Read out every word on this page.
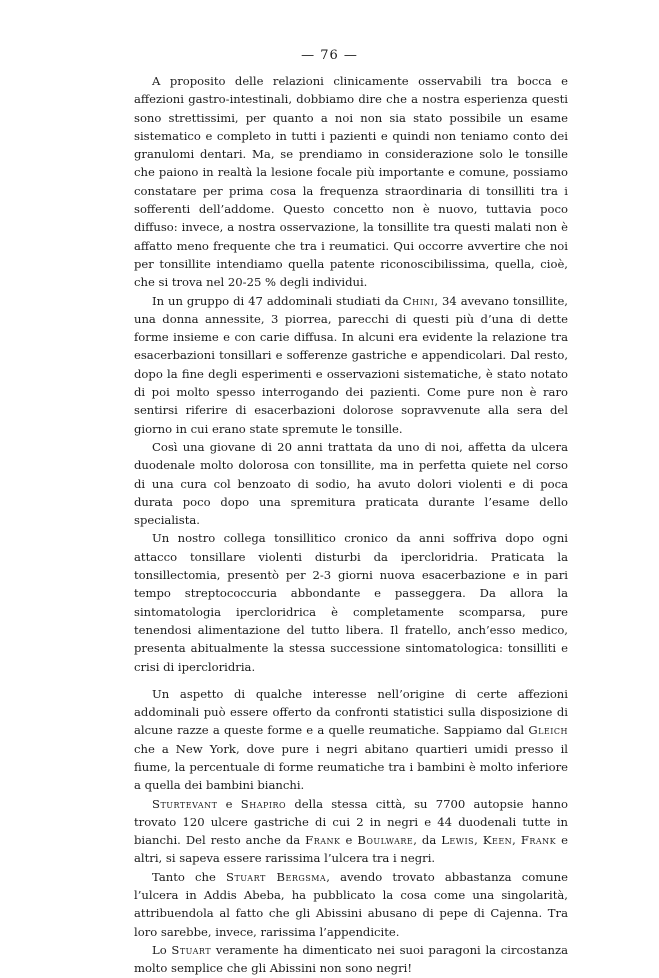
— 76 —

A proposito delle relazioni clinicamente osservabili tra bocca e affezioni gastro-intestinali, dobbiamo dire che a nostra esperienza questi sono strettissimi, per quanto a noi non sia stato possibile un esame sistematico e completo in tutti i pazienti e quindi non teniamo conto dei granulomi dentari. Ma, se prendiamo in considerazione solo le tonsille che paiono in realtà la lesione focale più importante e comune, possiamo constatare per prima cosa la frequenza straordinaria di tonsilliti tra i sofferenti dell’addome. Questo concetto non è nuovo, tuttavia poco diffuso: invece, a nostra osservazione, la tonsillite tra questi malati non è affatto meno frequente che tra i reumatici. Qui occorre avvertire che noi per tonsillite intendiamo quella patente riconoscibilissima, quella, cioè, che si trova nel 20-25 % degli individui.

In un gruppo di 47 addominali studiati da Chini, 34 avevano tonsillite, una donna annessite, 3 piorrea, parecchi di questi più d’una di dette forme insieme e con carie diffusa. In alcuni era evidente la relazione tra esacerbazioni tonsillari e sofferenze gastriche e appendicolari. Dal resto, dopo la fine degli esperimenti e osservazioni sistematiche, è stato notato di poi molto spesso interrogando dei pazienti. Come pure non è raro sentirsi riferire di esacerbazioni dolorose sopravvenute alla sera del giorno in cui erano state spremute le tonsille.

Così una giovane di 20 anni trattata da uno di noi, affetta da ulcera duodenale molto dolorosa con tonsillite, ma in perfetta quiete nel corso di una cura col benzoato di sodio, ha avuto dolori violenti e di poca durata poco dopo una spremitura praticata durante l’esame dello specialista.

Un nostro collega tonsillitico cronico da anni soffriva dopo ogni attacco tonsillare violenti disturbi da ipercloridria. Praticata la tonsillectomia, presentò per 2-3 giorni nuova esacerbazione e in pari tempo streptococcuria abbondante e passeggera. Da allora la sintomatologia ipercloridrica è completamente scomparsa, pure tenendosi alimentazione del tutto libera. Il fratello, anch’esso medico, presenta abitualmente la stessa successione sintomatologica: tonsilliti e crisi di ipercloridria.

Un aspetto di qualche interesse nell’origine di certe affezioni addominali può essere offerto da confronti statistici sulla disposizione di alcune razze a queste forme e a quelle reumatiche. Sappiamo dal Gleich che a New York, dove pure i negri abitano quartieri umidi presso il fiume, la percentuale di forme reumatiche tra i bambini è molto inferiore a quella dei bambini bianchi.

Sturtevant e Shapiro della stessa città, su 7700 autopsie hanno trovato 120 ulcere gastriche di cui 2 in negri e 44 duodenali tutte in bianchi. Del resto anche da Frank e Boulware, da Lewis, Keen, Frank e altri, si sapeva essere rarissima l’ulcera tra i negri.

Tanto che Stuart Bergsma, avendo trovato abbastanza comune l’ulcera in Addis Abeba, ha pubblicato la cosa come una singolarità, attribuendola al fatto che gli Abissini abusano di pepe di Cajenna. Tra loro sarebbe, invece, rarissima l’appendicite.

Lo Stuart veramente ha dimenticato nei suoi paragoni la circostanza molto semplice che gli Abissini non sono negri!
